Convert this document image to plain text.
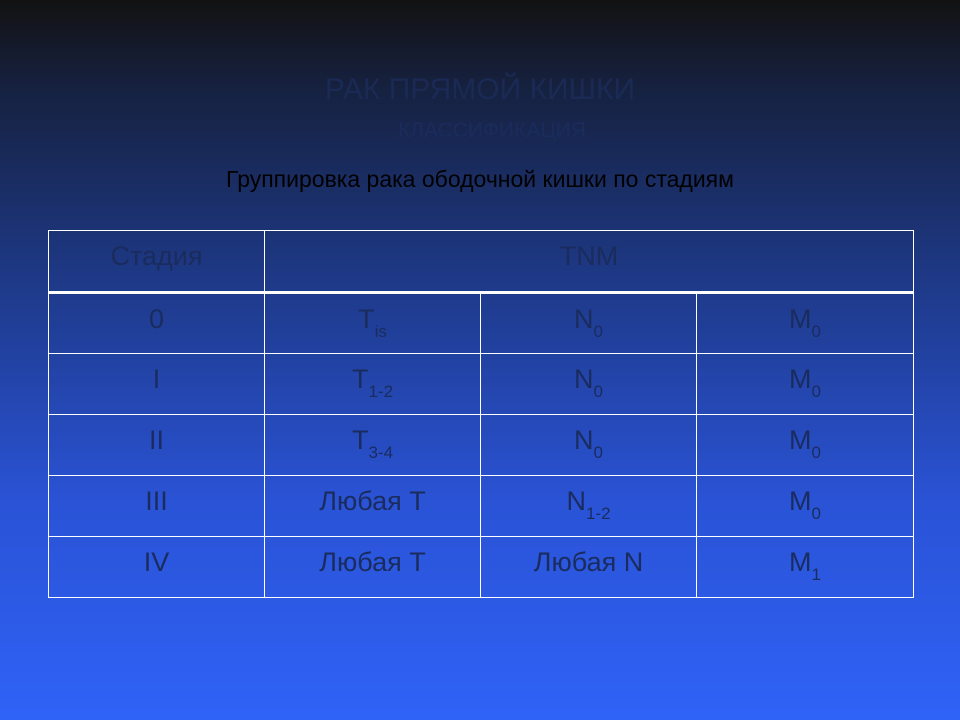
РАК ПРЯМОЙ КИШКИ
КЛАССИФИКАЦИЯ
Группировка рака ободочной кишки по стадиям
Стадия	TNM		
0	$T_{is}$	$N_0$	$M_0$
I	$T_{1-2}$	$N_0$	$M_0$
II	$T_{3-4}$	$N_0$	$M_0$
III	Любая T	$N_{1-2}$	$M_0$
IV	Любая T	Любая N	$M_1$
